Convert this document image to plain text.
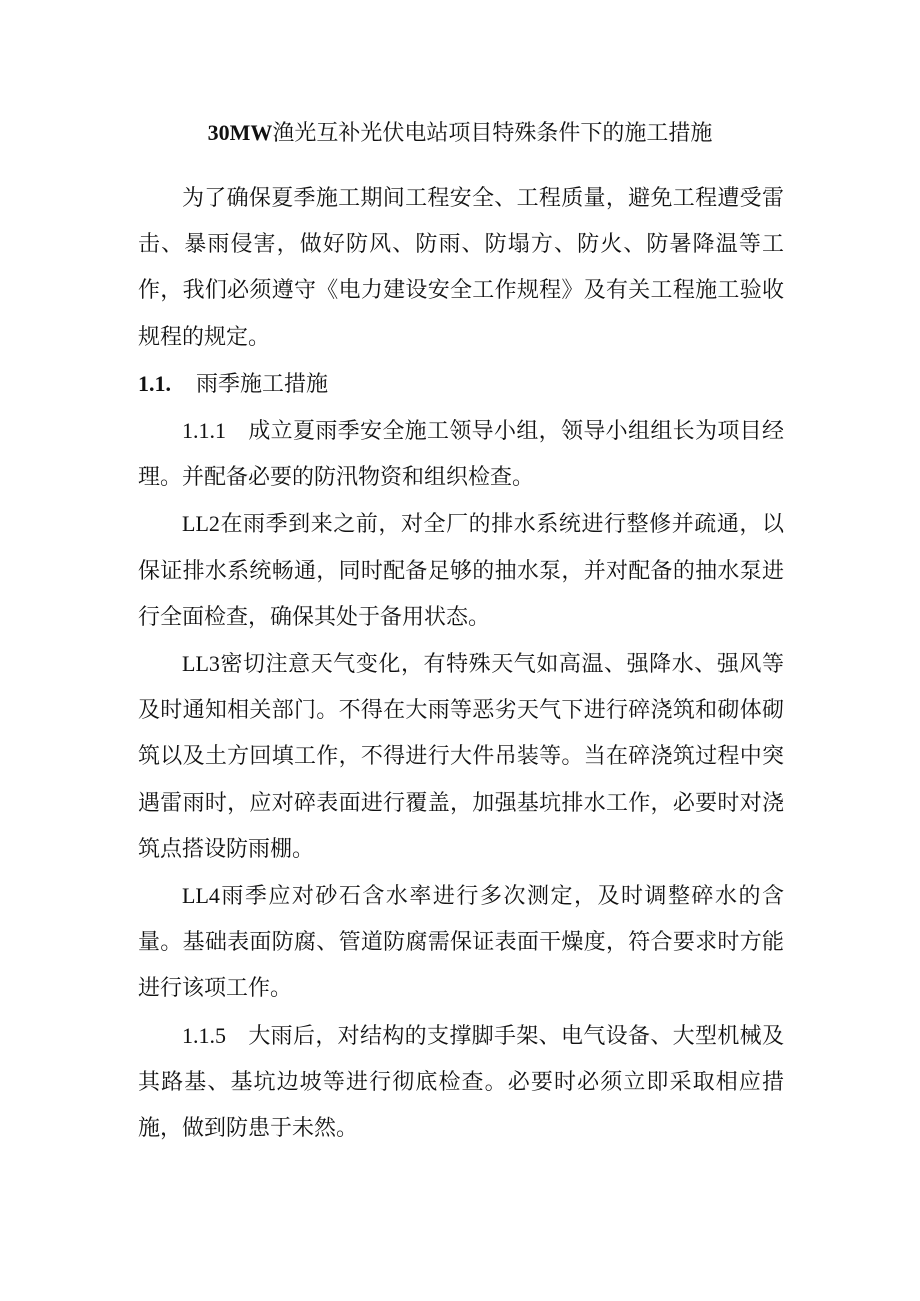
30MW渔光互补光伏电站项目特殊条件下的施工措施

为了确保夏季施工期间工程安全、工程质量，避免工程遭受雷击、暴雨侵害，做好防风、防雨、防塌方、防火、防暑降温等工作，我们必须遵守《电力建设安全工作规程》及有关工程施工验收规程的规定。

1.1. 雨季施工措施

1.1.1 成立夏雨季安全施工领导小组，领导小组组长为项目经理。并配备必要的防汛物资和组织检查。

LL2在雨季到来之前，对全厂的排水系统进行整修并疏通，以保证排水系统畅通，同时配备足够的抽水泵，并对配备的抽水泵进行全面检查，确保其处于备用状态。

LL3密切注意天气变化，有特殊天气如高温、强降水、强风等及时通知相关部门。不得在大雨等恶劣天气下进行碎浇筑和砌体砌筑以及土方回填工作，不得进行大件吊装等。当在碎浇筑过程中突遇雷雨时，应对碎表面进行覆盖，加强基坑排水工作，必要时对浇筑点搭设防雨棚。

LL4雨季应对砂石含水率进行多次测定，及时调整碎水的含量。基础表面防腐、管道防腐需保证表面干燥度，符合要求时方能进行该项工作。

1.1.5 大雨后，对结构的支撑脚手架、电气设备、大型机械及其路基、基坑边坡等进行彻底检查。必要时必须立即采取相应措施，做到防患于未然。
